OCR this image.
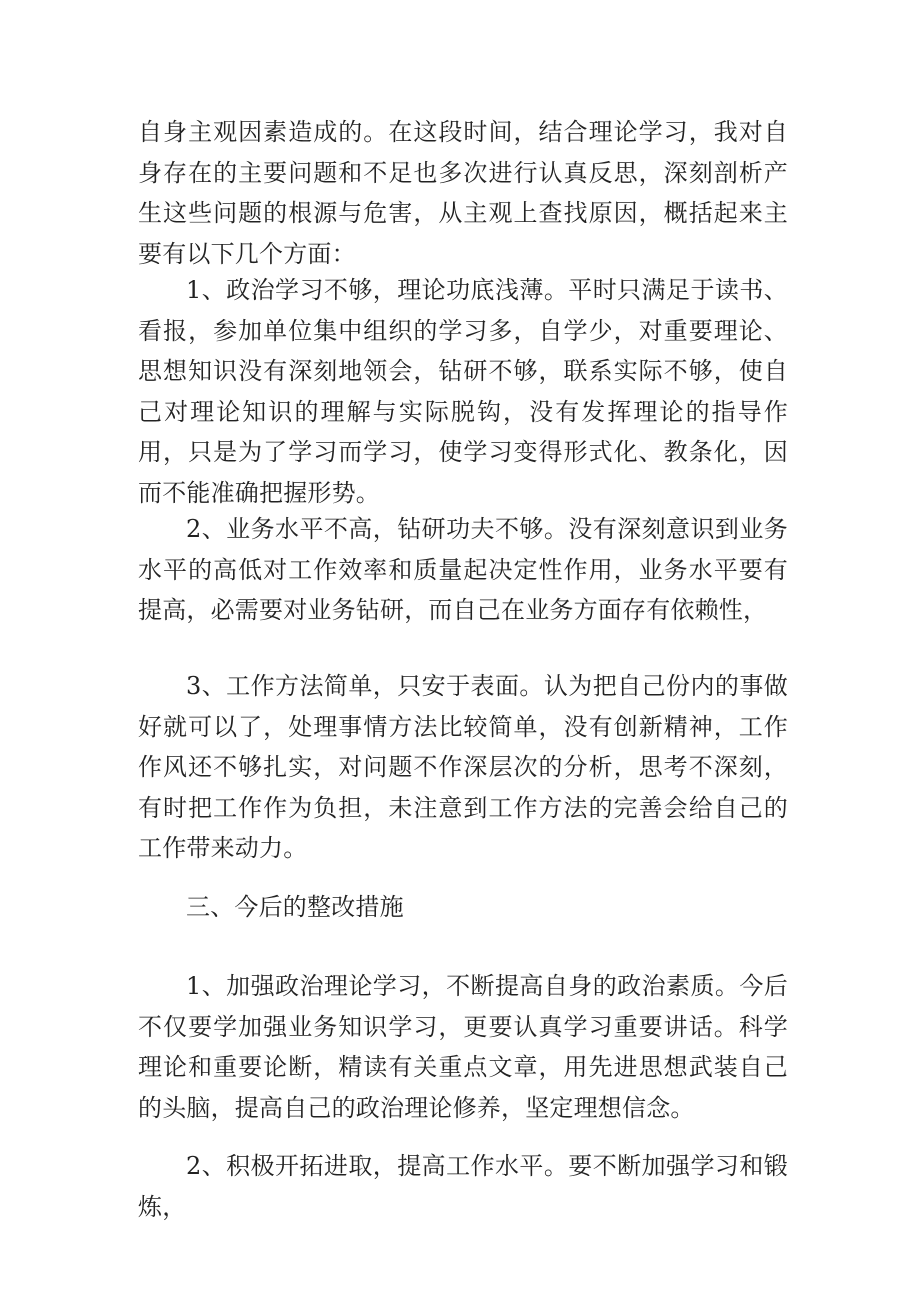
自身主观因素造成的。在这段时间，结合理论学习，我对自身存在的主要问题和不足也多次进行认真反思，深刻剖析产生这些问题的根源与危害，从主观上查找原因，概括起来主要有以下几个方面：

1、政治学习不够，理论功底浅薄。平时只满足于读书、看报，参加单位集中组织的学习多，自学少，对重要理论、思想知识没有深刻地领会，钻研不够，联系实际不够，使自己对理论知识的理解与实际脱钩，没有发挥理论的指导作用，只是为了学习而学习，使学习变得形式化、教条化，因而不能准确把握形势。

2、业务水平不高，钻研功夫不够。没有深刻意识到业务水平的高低对工作效率和质量起决定性作用，业务水平要有提高，必需要对业务钻研，而自己在业务方面存有依赖性，

3、工作方法简单，只安于表面。认为把自己份内的事做好就可以了，处理事情方法比较简单，没有创新精神，工作作风还不够扎实，对问题不作深层次的分析，思考不深刻，有时把工作作为负担，未注意到工作方法的完善会给自己的工作带来动力。

三、今后的整改措施

1、加强政治理论学习，不断提高自身的政治素质。今后不仅要学加强业务知识学习，更要认真学习重要讲话。科学理论和重要论断，精读有关重点文章，用先进思想武装自己的头脑，提高自己的政治理论修养，坚定理想信念。

2、积极开拓进取，提高工作水平。要不断加强学习和锻炼，
